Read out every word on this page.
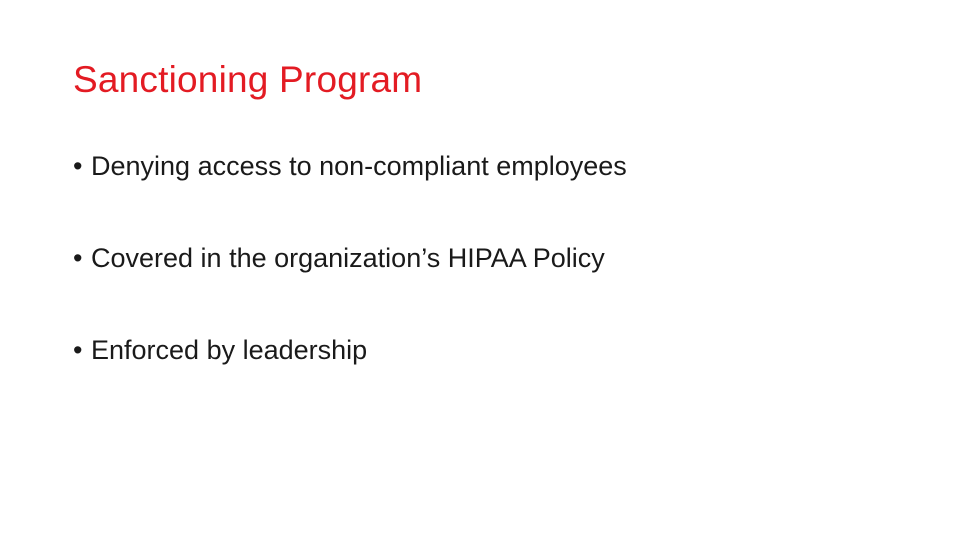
Sanctioning Program
• Denying access to non-compliant employees
• Covered in the organization’s HIPAA Policy
• Enforced by leadership
